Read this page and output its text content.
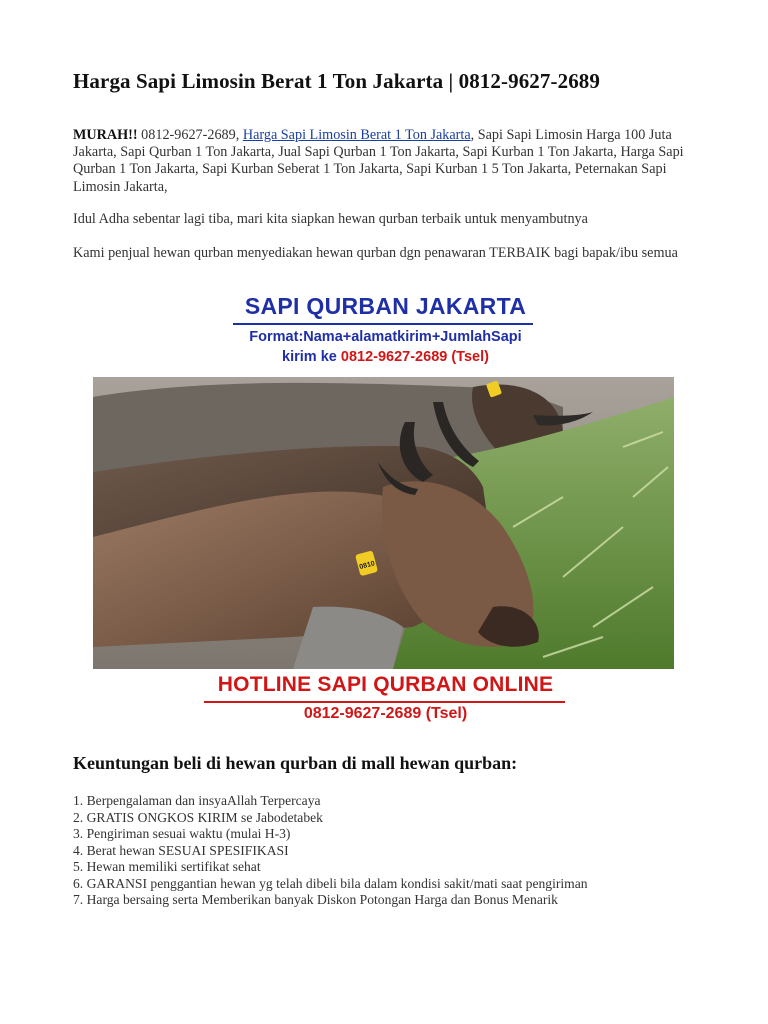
Harga Sapi Limosin Berat 1 Ton Jakarta | 0812-9627-2689
MURAH!! 0812-9627-2689, Harga Sapi Limosin Berat 1 Ton Jakarta, Sapi Sapi Limosin Harga 100 Juta Jakarta, Sapi Qurban 1 Ton Jakarta, Jual Sapi Qurban 1 Ton Jakarta, Sapi Kurban 1 Ton Jakarta, Harga Sapi Qurban 1 Ton Jakarta, Sapi Kurban Seberat 1 Ton Jakarta, Sapi Kurban 1 5 Ton Jakarta, Peternakan Sapi Limosin Jakarta,
Idul Adha sebentar lagi tiba, mari kita siapkan hewan qurban terbaik untuk menyambutnya
Kami penjual hewan qurban menyediakan hewan qurban dgn penawaran TERBAIK bagi bapak/ibu semua
SAPI QURBAN JAKARTA
Format:Nama+alamatkirim+JumlahSapi
kirim ke 0812-9627-2689 (Tsel)
0810
HOTLINE SAPI QURBAN ONLINE
0812-9627-2689 (Tsel)
Keuntungan beli di hewan qurban di mall hewan qurban:
1. Berpengalaman dan insyaAllah Terpercaya
2. GRATIS ONGKOS KIRIM se Jabodetabek
3. Pengiriman sesuai waktu (mulai H-3)
4. Berat hewan SESUAI SPESIFIKASI
5. Hewan memiliki sertifikat sehat
6. GARANSI penggantian hewan yg telah dibeli bila dalam kondisi sakit/mati saat pengiriman
7. Harga bersaing serta Memberikan banyak Diskon Potongan Harga dan Bonus Menarik
